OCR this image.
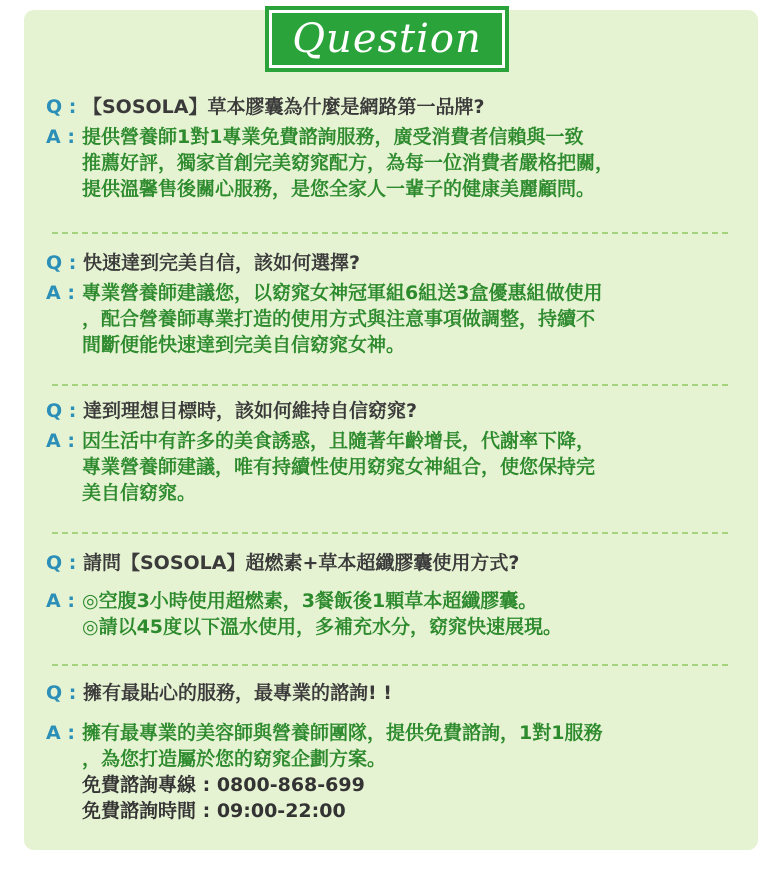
Question
Q : 【SOSOLA】草本膠囊為什麼是網路第一品牌?
A : 提供營養師1對1專業免費諮詢服務，廣受消費者信賴與一致
推薦好評，獨家首創完美窈窕配方，為每一位消費者嚴格把關，
提供溫馨售後關心服務，是您全家人一輩子的健康美麗顧問。
Q : 快速達到完美自信，該如何選擇?
A : 專業營養師建議您，以窈窕女神冠軍組6組送3盒優惠組做使用
，配合營養師專業打造的使用方式與注意事項做調整，持續不
間斷便能快速達到完美自信窈窕女神。
Q : 達到理想目標時，該如何維持自信窈窕?
A : 因生活中有許多的美食誘惑，且隨著年齡增長，代謝率下降，
專業營養師建議，唯有持續性使用窈窕女神組合，使您保持完
美自信窈窕。
Q : 請問【SOSOLA】超燃素+草本超纖膠囊使用方式?
A : ◎空腹3小時使用超燃素，3餐飯後1顆草本超纖膠囊。
◎請以45度以下溫水使用，多補充水分，窈窕快速展現。
Q : 擁有最貼心的服務，最專業的諮詢! !
A : 擁有最專業的美容師與營養師團隊，提供免費諮詢，1對1服務
，為您打造屬於您的窈窕企劃方案。
免費諮詢專線 : 0800-868-699
免費諮詢時間 : 09:00-22:00
